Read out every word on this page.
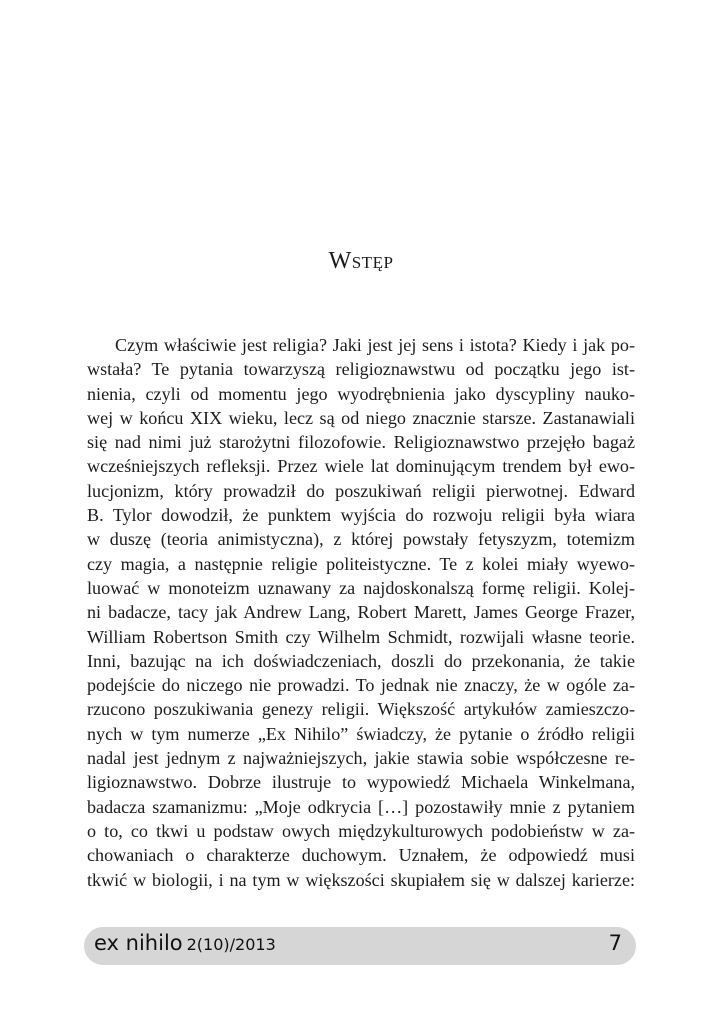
Wstęp
Czym właściwie jest religia? Jaki jest jej sens i istota? Kiedy i jak po-
wstała? Te pytania towarzyszą religioznawstwu od początku jego ist-
nienia, czyli od momentu jego wyodrębnienia jako dyscypliny nauko-
wej w końcu XIX wieku, lecz są od niego znacznie starsze. Zastanawiali
się nad nimi już starożytni filozofowie. Religioznawstwo przejęło bagaż
wcześniejszych refleksji. Przez wiele lat dominującym trendem był ewo-
lucjonizm, który prowadził do poszukiwań religii pierwotnej. Edward
B. Tylor dowodził, że punktem wyjścia do rozwoju religii była wiara
w duszę (teoria animistyczna), z której powstały fetyszyzm, totemizm
czy magia, a następnie religie politeistyczne. Te z kolei miały wyewo-
luować w monoteizm uznawany za najdoskonalszą formę religii. Kolej-
ni badacze, tacy jak Andrew Lang, Robert Marett, James George Frazer,
William Robertson Smith czy Wilhelm Schmidt, rozwijali własne teorie.
Inni, bazując na ich doświadczeniach, doszli do przekonania, że takie
podejście do niczego nie prowadzi. To jednak nie znaczy, że w ogóle za-
rzucono poszukiwania genezy religii. Większość artykułów zamieszczo-
nych w tym numerze „Ex Nihilo” świadczy, że pytanie o źródło religii
nadal jest jednym z najważniejszych, jakie stawia sobie współczesne re-
ligioznawstwo. Dobrze ilustruje to wypowiedź Michaela Winkelmana,
badacza szamanizmu: „Moje odkrycia […] pozostawiły mnie z pytaniem
o to, co tkwi u podstaw owych międzykulturowych podobieństw w za-
chowaniach o charakterze duchowym. Uznałem, że odpowiedź musi
tkwić w biologii, i na tym w większości skupiałem się w dalszej karierze:
ex nihilo 2(10)/2013	7
